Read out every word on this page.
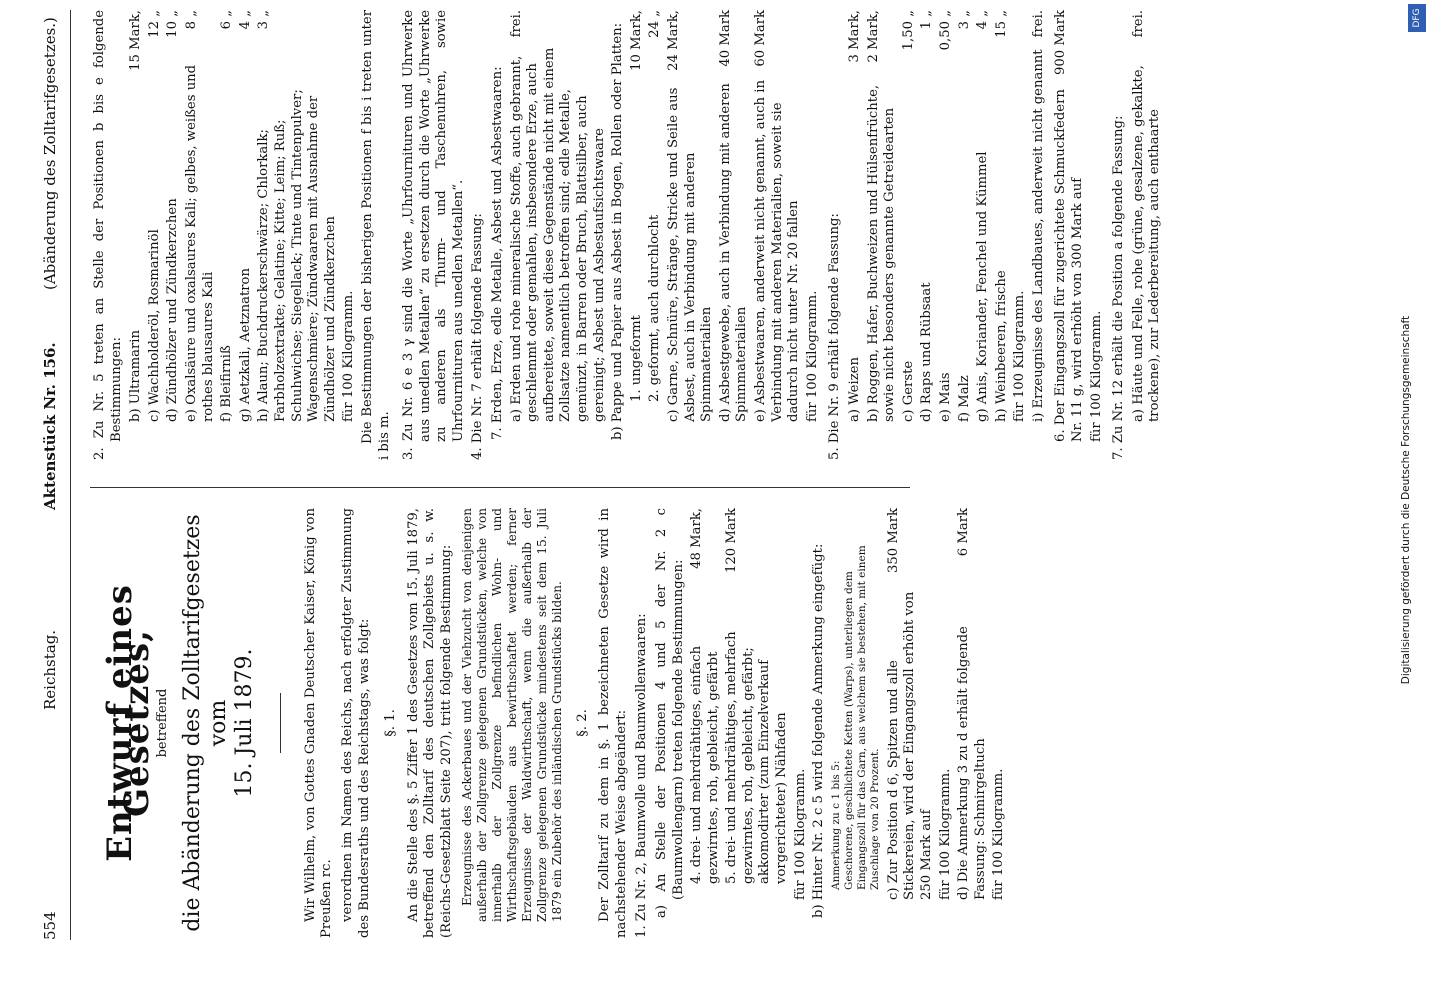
554
Reichstag.
Aktenstück Nr. 156.
(Abänderung des Zolltarifgesetzes.)
Entwurf eines Gesetzes,
betreffend die Abänderung des Zolltarifgesetzes vom 15. Juli 1879.	Wir Wilhelm, von Gottes Gnaden Deutscher Kaiser, König von Preußen rc. verordnen im Namen des Reichs, nach erfolgter Zustimmung des Bundesraths und des Reichstags, was folgt: §. 1. An die Stelle des §. 5 Ziffer 1 des Gesetzes vom 15. Juli 1879, betreffend den Zolltarif des deutschen Zollgebiets u. s. w. (Reichs-Gesetzblatt Seite 207), tritt folgende Bestimmung: Erzeugnisse des Ackerbaues und der Viehzucht von denjenigen außerhalb der Zollgrenze gelegenen Grundstücken, welche von innerhalb der Zollgrenze befindlichen Wohn- und Wirthschaftsgebäuden aus bewirthschaftet werden; ferner Erzeugnisse der Waldwirthschaft, wenn die außerhalb der Zollgrenze gelegenen Grundstücke mindestens seit dem 15. Juli 1879 ein Zubehör des inländischen Grundstücks bilden. §. 2. Der Zolltarif zu dem in §. 1 bezeichneten Gesetze wird in nachstehender Weise abgeändert: 1. Zu Nr. 2, Baumwolle und Baumwollenwaaren: a) An Stelle der Positionen 4 und 5 der Nr. 2 c (Baumwollengarn) treten folgende Bestimmungen: 4. drei- und mehrdrähtiges, einfach gezwirntes, roh, gebleicht, gefärbt
48 Mark,
5. drei- und mehrdrähtiges, mehrfach gezwirntes, roh, gebleicht, gefärbt; akkomodirter (zum Einzelverkauf vorgerichteter) Nähfaden
120 Mark

für 100 Kilogramm. b) Hinter Nr. 2 c 5 wird folgende Anmerkung eingefügt: Anmerkung zu c 1 bis 5: Geschorene, geschlichtete Ketten (Warps), unterliegen dem Eingangszoll für das Garn, aus welchem sie bestehen, mit einem Zuschlage von 20 Prozent. c) Zur Position d 6, Spitzen und alle Stickereien, wird der Eingangszoll erhöht von 250 Mark auf
350 Mark

für 100 Kilogramm. d) Die Anmerkung 3 zu d erhält folgende Fassung: Schmirgeltuch
6 Mark

für 100 Kilogramm.

2. Zu Nr. 5 treten an Stelle der Positionen b bis e folgende Bestimmungen: b) Ultramarin
15 Mark,
c) Wachholderöl, Rosmarinöl
12 „
d) Zündhölzer und Zündkerzchen
10 „
e) Oxalsäure und oxalsaures Kali; gelbes, weißes und rothes blausaures Kali
8 „
f) Bleifirniß
6 „
g) Aetzkali, Aetznatron
4 „
h) Alaun; Buchdruckerschwärze; Chlorkalk; Farbholzextrakte; Gelatine; Kitte; Leim; Ruß; Schuhwichse; Siegellack; Tinte und Tintenpulver; Wagenschmiere; Zündwaaren mit Ausnahme der Zündhölzer und Zündkerzchen
3 „

für 100 Kilogramm. Die Bestimmungen der bisherigen Positionen f bis i treten unter i bis m. 3. Zu Nr. 6 e 3 γ sind die Worte „Uhrfournituren und Uhrwerke aus unedlen Metallen“ zu ersetzen durch die Worte „Uhrwerke zu anderen als Thurm- und Taschenuhren, sowie Uhrfournituren aus unedlen Metallen“. 4. Die Nr. 7 erhält folgende Fassung: 7. Erden, Erze, edle Metalle, Asbest und Asbestwaaren: a) Erden und rohe mineralische Stoffe, auch gebrannt, geschlemmt oder gemahlen, insbesondere Erze, auch aufbereitete, soweit diese Gegenstände nicht mit einem Zollsatze namentlich betroffen sind; edle Metalle, gemünzt, in Barren oder Bruch, Blattsilber, auch gereinigt; Asbest und Asbestaufsichtswaare
frei.	b) Pappe und Papier aus Asbest in Bogen, Rollen oder Platten: 1. ungeformt
10 Mark,
2. geformt, auch durchlocht
24 „
c) Garne, Schnüre, Stränge, Stricke und Seile aus Asbest, auch in Verbindung mit anderen Spinnmaterialien
24 Mark,
d) Asbestgewebe, auch in Verbindung mit anderen Spinnmaterialien
40 Mark
e) Asbestwaaren, anderweit nicht genannt, auch in Verbindung mit anderen Materialien, soweit sie dadurch nicht unter Nr. 20 fallen
60 Mark

für 100 Kilogramm. 5. Die Nr. 9 erhält folgende Fassung: a) Weizen
3 Mark,
b) Roggen, Hafer, Buchweizen und Hülsenfrüchte, sowie nicht besonders genannte Getreidearten
2 Mark,
c) Gerste
1,50 „
d) Raps und Rübsaat
1 „
e) Mais
0,50 „
f) Malz
3 „
g) Anis, Koriander, Fenchel und Kümmel
4 „
h) Weinbeeren, frische
15 „

für 100 Kilogramm. i) Erzeugnisse des Landbaues, anderweit nicht genannt
frei.
6. Der Eingangszoll für zugerichtete Schmuckfedern Nr. 11 g, wird erhöht von 300 Mark auf
900 Mark

für 100 Kilogramm. 7. Zu Nr. 12 erhält die Position a folgende Fassung: a) Häute und Felle, rohe (grüne, gesalzene, gekalkte, trockene), zur Lederbereitung, auch enthaarte
frei.
Digitalisierung gefördert durch die Deutsche Forschungsgemeinschaft
DFG
